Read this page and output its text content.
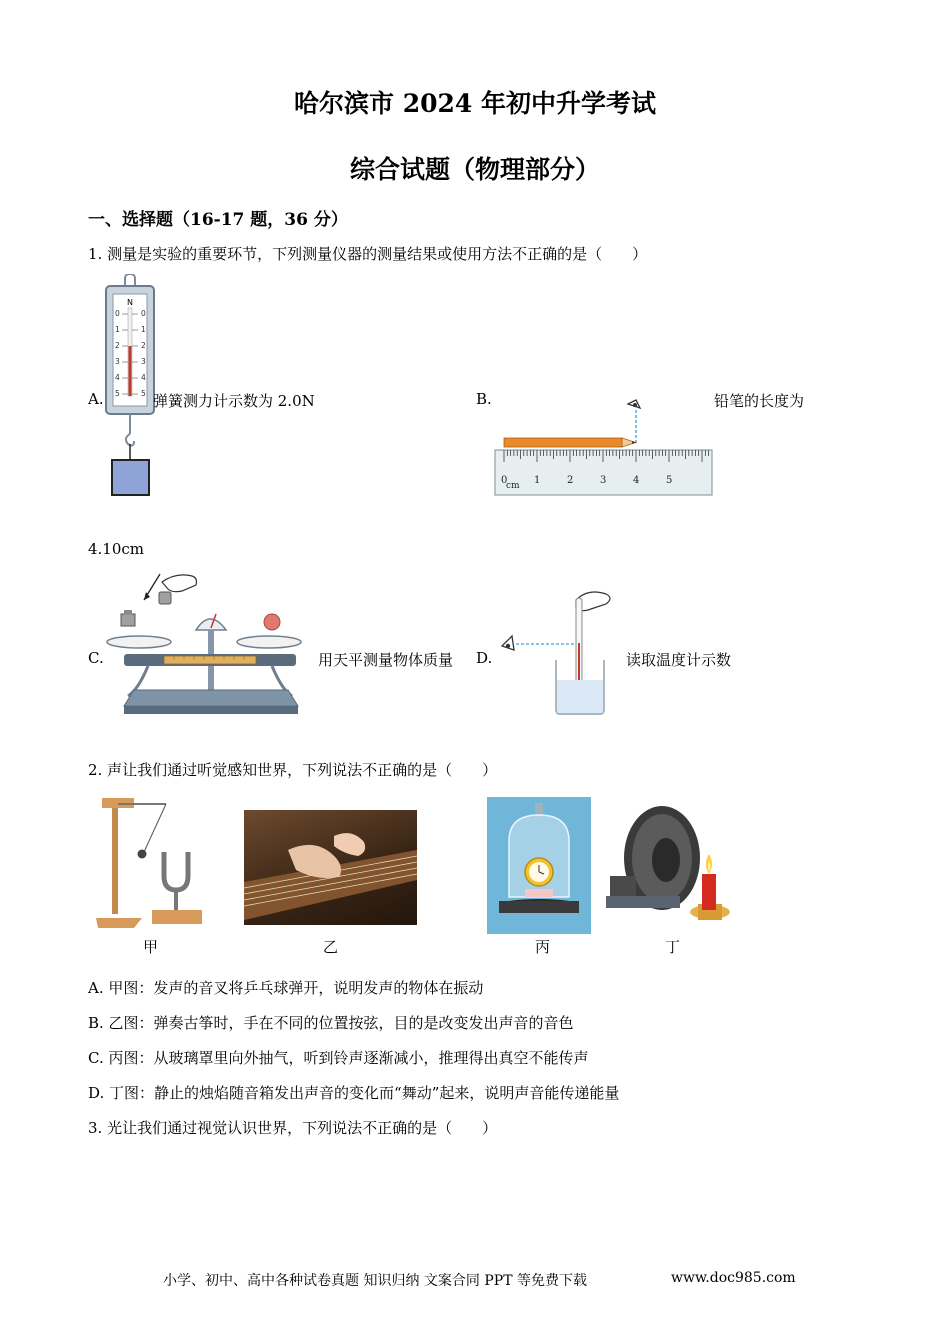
哈尔滨市 2024 年初中升学考试
综合试题（物理部分）
一、选择题（16-17 题，36 分）
1. 测量是实验的重要环节，下列测量仪器的测量结果或使用方法不正确的是（　　）
A.
N
0
1
2
3
4
5
0
1
2
3
4
5 弹簧测力计示数为 2.0N	B.
0
cm 1	2	3	4	5
铅笔的长度为
4.10cm
C.	用天平测量物体质量 D.	读取温度计示数
2. 声让我们通过听觉感知世界，下列说法不正确的是（　　）
甲	乙	丙	丁
A. 甲图：发声的音叉将乒乓球弹开，说明发声的物体在振动
B. 乙图：弹奏古筝时，手在不同的位置按弦，目的是改变发出声音的音色
C. 丙图：从玻璃罩里向外抽气，听到铃声逐渐减小，推理得出真空不能传声
D. 丁图：静止的烛焰随音箱发出声音的变化而“舞动”起来，说明声音能传递能量
3. 光让我们通过视觉认识世界，下列说法不正确的是（　　）
小学、初中、高中各种试卷真题 知识归纳 文案合同 PPT 等免费下载	www.doc985.com
